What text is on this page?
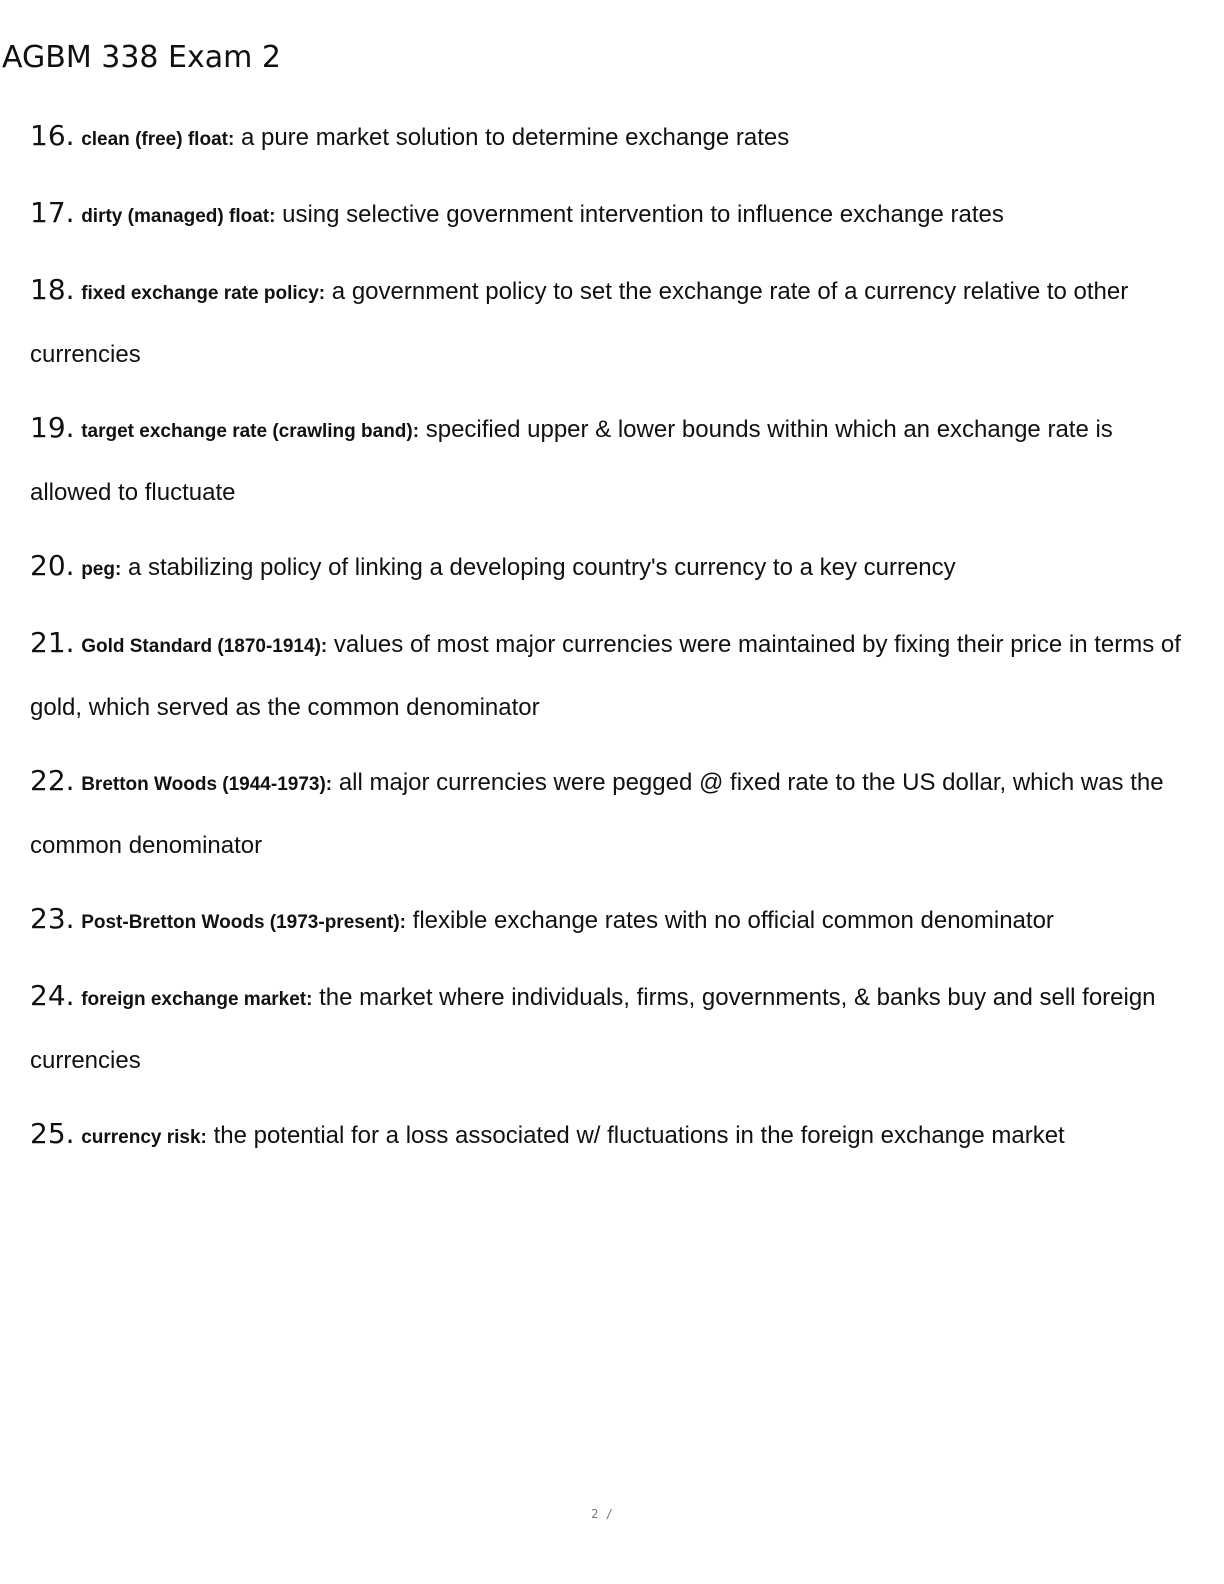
AGBM 338 Exam 2
16. clean (free) float: a pure market solution to determine exchange rates
17. dirty (managed) float: using selective government intervention to influence exchange rates
18. fixed exchange rate policy: a government policy to set the exchange rate of a currency relative to other currencies
19. target exchange rate (crawling band): specified upper & lower bounds within which an exchange rate is allowed to fluctuate
20. peg: a stabilizing policy of linking a developing country's currency to a key currency
21. Gold Standard (1870-1914): values of most major currencies were maintained by fixing their price in terms of gold, which served as the common denominator
22. Bretton Woods (1944-1973): all major currencies were pegged @ fixed rate to the US dollar, which was the common denominator
23. Post-Bretton Woods (1973-present): flexible exchange rates with no official common denominator
24. foreign exchange market: the market where individuals, firms, governments, & banks buy and sell foreign currencies
25. currency risk: the potential for a loss associated w/ fluctuations in the foreign exchange market
2 /
